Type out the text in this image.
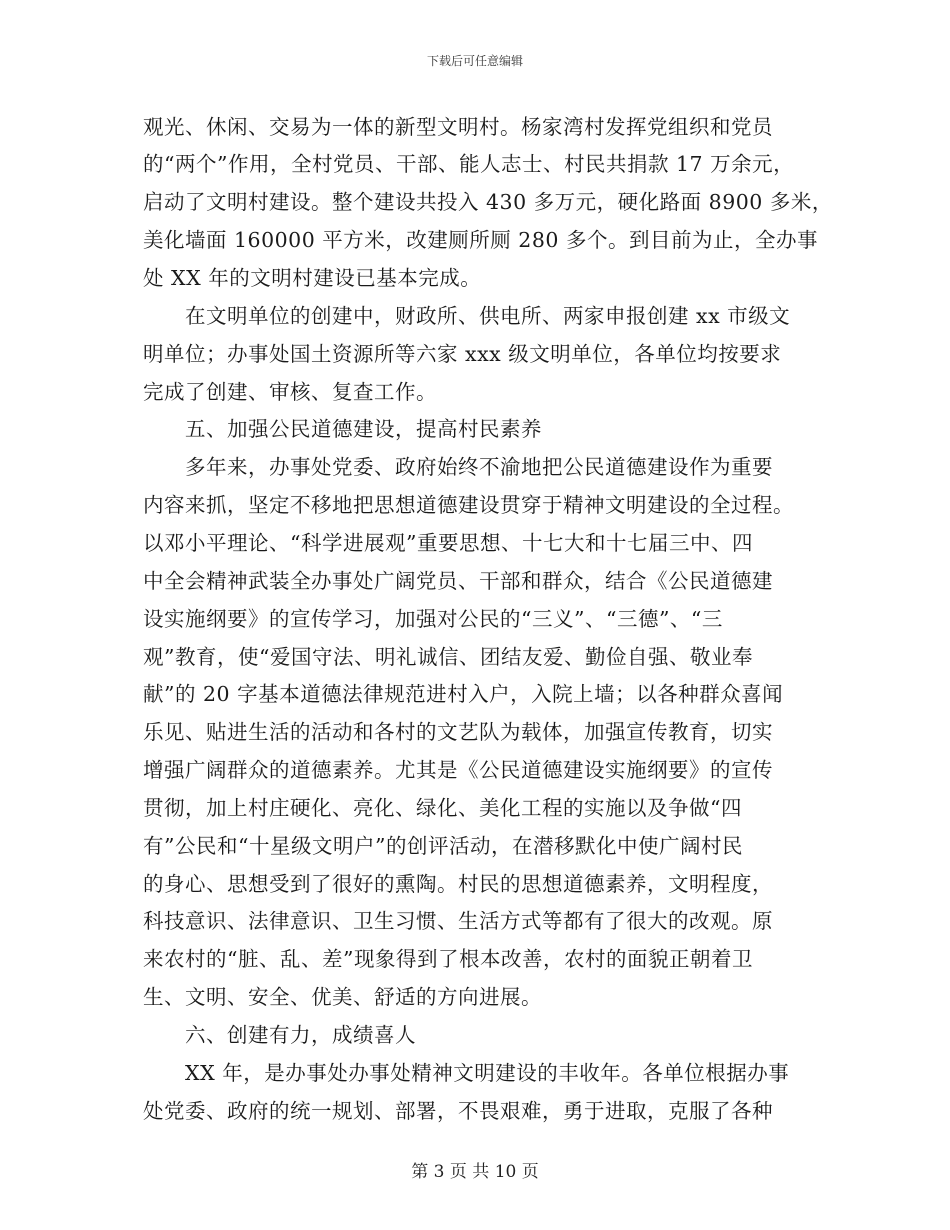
下载后可任意编辑
观光、休闲、交易为一体的新型文明村。杨家湾村发挥党组织和党员
的“两个”作用，全村党员、干部、能人志士、村民共捐款 17 万余元，
启动了文明村建设。整个建设共投入 430 多万元，硬化路面 8900 多米，
美化墙面 160000 平方米，改建厕所厕 280 多个。到目前为止，全办事
处 XX 年的文明村建设已基本完成。
　　在文明单位的创建中，财政所、供电所、两家申报创建 xx 市级文
明单位；办事处国土资源所等六家 xxx 级文明单位，各单位均按要求
完成了创建、审核、复查工作。
　　五、加强公民道德建设，提高村民素养
　　多年来，办事处党委、政府始终不渝地把公民道德建设作为重要
内容来抓，坚定不移地把思想道德建设贯穿于精神文明建设的全过程。
以邓小平理论、“科学进展观”重要思想、十七大和十七届三中、四
中全会精神武装全办事处广阔党员、干部和群众，结合《公民道德建
设实施纲要》的宣传学习，加强对公民的“三义”、“三德”、“三
观”教育，使“爱国守法、明礼诚信、团结友爱、勤俭自强、敬业奉
献”的 20 字基本道德法律规范进村入户，入院上墙；以各种群众喜闻
乐见、贴进生活的活动和各村的文艺队为载体，加强宣传教育，切实
增强广阔群众的道德素养。尤其是《公民道德建设实施纲要》的宣传
贯彻，加上村庄硬化、亮化、绿化、美化工程的实施以及争做“四
有”公民和“十星级文明户”的创评活动，在潜移默化中使广阔村民
的身心、思想受到了很好的熏陶。村民的思想道德素养，文明程度，
科技意识、法律意识、卫生习惯、生活方式等都有了很大的改观。原
来农村的“脏、乱、差”现象得到了根本改善，农村的面貌正朝着卫
生、文明、安全、优美、舒适的方向进展。
　　六、创建有力，成绩喜人
　　XX 年，是办事处办事处精神文明建设的丰收年。各单位根据办事
处党委、政府的统一规划、部署，不畏艰难，勇于进取，克服了各种
第 3 页 共 10 页
